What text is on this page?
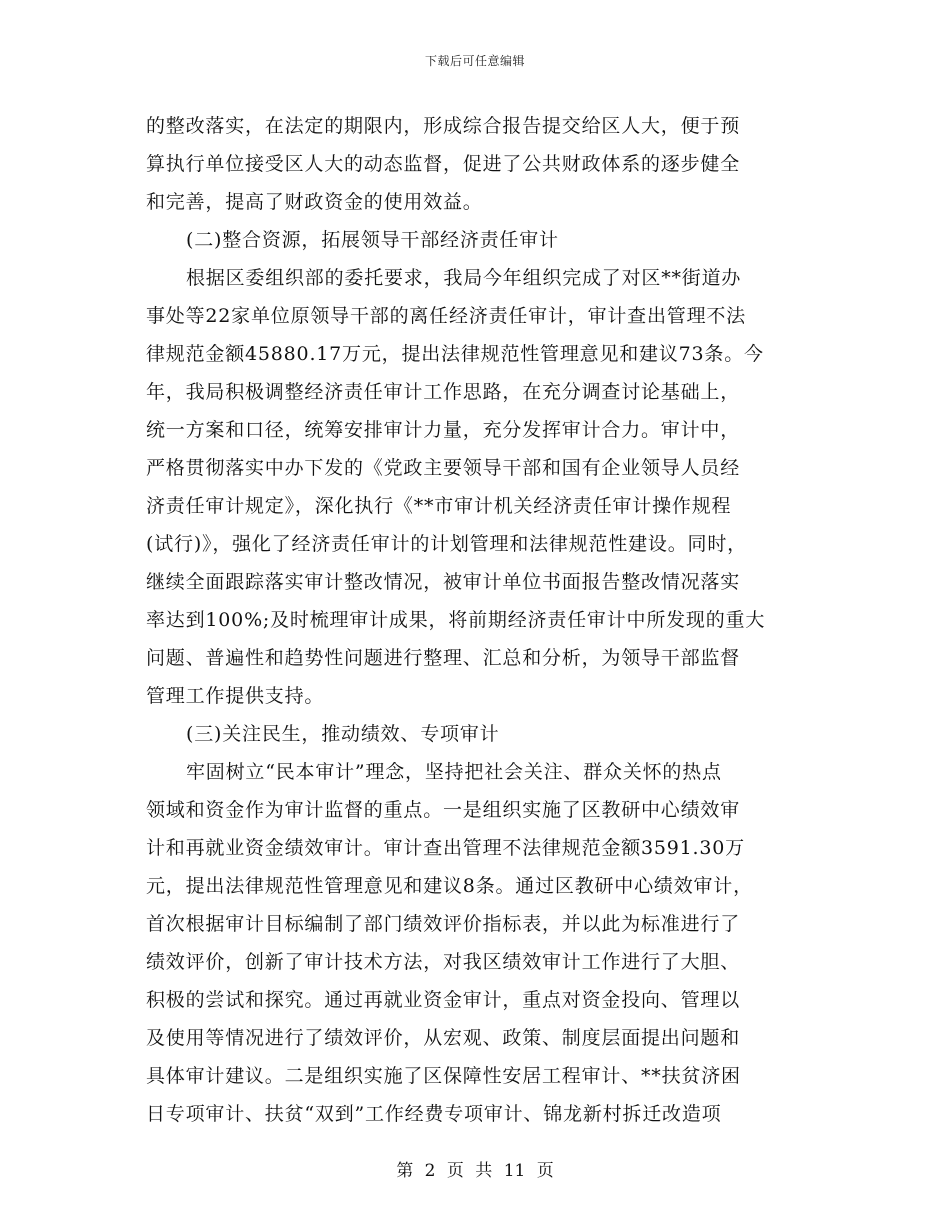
下载后可任意编辑
的整改落实，在法定的期限内，形成综合报告提交给区人大，便于预
算执行单位接受区人大的动态监督，促进了公共财政体系的逐步健全
和完善，提高了财政资金的使用效益。
(二)整合资源，拓展领导干部经济责任审计
根据区委组织部的委托要求，我局今年组织完成了对区**街道办
事处等22家单位原领导干部的离任经济责任审计，审计查出管理不法
律规范金额45880.17万元，提出法律规范性管理意见和建议73条。今
年，我局积极调整经济责任审计工作思路，在充分调查讨论基础上，
统一方案和口径，统筹安排审计力量，充分发挥审计合力。审计中，
严格贯彻落实中办下发的《党政主要领导干部和国有企业领导人员经
济责任审计规定》，深化执行《**市审计机关经济责任审计操作规程
(试行)》，强化了经济责任审计的计划管理和法律规范性建设。同时，
继续全面跟踪落实审计整改情况，被审计单位书面报告整改情况落实
率达到100%;及时梳理审计成果，将前期经济责任审计中所发现的重大
问题、普遍性和趋势性问题进行整理、汇总和分析，为领导干部监督
管理工作提供支持。
(三)关注民生，推动绩效、专项审计
牢固树立“民本审计”理念，坚持把社会关注、群众关怀的热点
领域和资金作为审计监督的重点。一是组织实施了区教研中心绩效审
计和再就业资金绩效审计。审计查出管理不法律规范金额3591.30万
元，提出法律规范性管理意见和建议8条。通过区教研中心绩效审计，
首次根据审计目标编制了部门绩效评价指标表，并以此为标准进行了
绩效评价，创新了审计技术方法，对我区绩效审计工作进行了大胆、
积极的尝试和探究。通过再就业资金审计，重点对资金投向、管理以
及使用等情况进行了绩效评价，从宏观、政策、制度层面提出问题和
具体审计建议。二是组织实施了区保障性安居工程审计、**扶贫济困
日专项审计、扶贫“双到”工作经费专项审计、锦龙新村拆迁改造项
第 2 页 共 11 页
